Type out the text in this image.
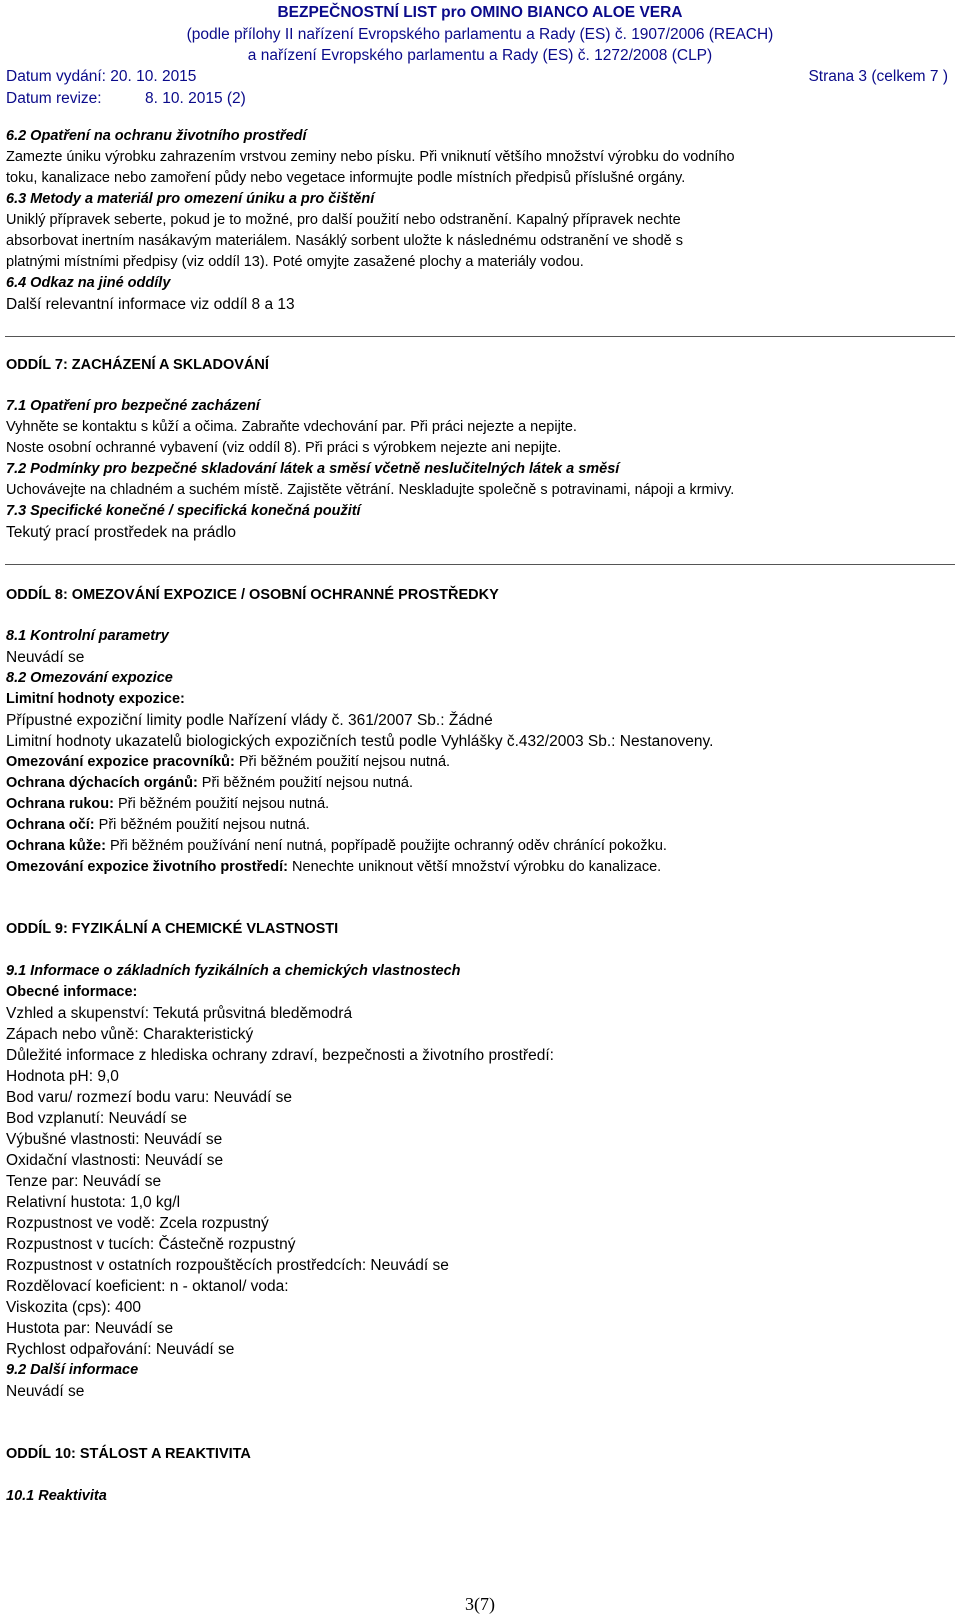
BEZPEČNOSTNÍ LIST pro OMINO BIANCO ALOE VERA
(podle přílohy II nařízení Evropského parlamentu a Rady (ES) č. 1907/2006 (REACH)
a nařízení Evropského parlamentu a Rady (ES) č. 1272/2008 (CLP)
Datum vydání: 20. 10. 2015	Strana 3 (celkem 7 )
Datum revize:	8. 10. 2015 (2)
6.2 Opatření na ochranu životního prostředí
Zamezte úniku výrobku zahrazením vrstvou zeminy nebo písku. Při vniknutí většího množství výrobku do vodního
toku, kanalizace nebo zamoření půdy nebo vegetace informujte podle místních předpisů příslušné orgány.
6.3 Metody a materiál pro omezení úniku a pro čištění
Uniklý přípravek seberte, pokud je to možné, pro další použití nebo odstranění. Kapalný přípravek nechte
absorbovat inertním nasákavým materiálem. Nasáklý sorbent uložte k následnému odstranění ve shodě s
platnými místními předpisy (viz oddíl 13). Poté omyjte zasažené plochy a materiály vodou.
6.4 Odkaz na jiné oddíly
Další relevantní informace viz oddíl 8 a 13
ODDÍL 7: ZACHÁZENÍ A SKLADOVÁNÍ
7.1 Opatření pro bezpečné zacházení
Vyhněte se kontaktu s kůží a očima. Zabraňte vdechování par. Při práci nejezte a nepijte.
Noste osobní ochranné vybavení (viz oddíl 8). Při práci s výrobkem nejezte ani nepijte.
7.2 Podmínky pro bezpečné skladování látek a směsí včetně neslučitelných látek a směsí
Uchovávejte na chladném a suchém místě. Zajistěte větrání. Neskladujte společně s potravinami, nápoji a krmivy.
7.3 Specifické konečné / specifická konečná použití
Tekutý prací prostředek na prádlo
ODDÍL 8: OMEZOVÁNÍ EXPOZICE / OSOBNÍ OCHRANNÉ PROSTŘEDKY
8.1 Kontrolní parametry
Neuvádí se
8.2 Omezování expozice
Limitní hodnoty expozice:
Přípustné expoziční limity podle Nařízení vlády č. 361/2007 Sb.: Žádné
Limitní hodnoty ukazatelů biologických expozičních testů podle Vyhlášky č.432/2003 Sb.: Nestanoveny.
Omezování expozice pracovníků: Při běžném použití nejsou nutná.
Ochrana dýchacích orgánů: Při běžném použití nejsou nutná.
Ochrana rukou: Při běžném použití nejsou nutná.
Ochrana očí: Při běžném použití nejsou nutná.
Ochrana kůže: Při běžném používání není nutná, popřípadě použijte ochranný oděv chránící pokožku.
Omezování expozice životního prostředí: Nenechte uniknout větší množství výrobku do kanalizace.
ODDÍL 9: FYZIKÁLNÍ A CHEMICKÉ VLASTNOSTI
9.1 Informace o základních fyzikálních a chemických vlastnostech
Obecné informace:
Vzhled a skupenství: Tekutá průsvitná bleděmodrá
Zápach nebo vůně: Charakteristický
Důležité informace z hlediska ochrany zdraví, bezpečnosti a životního prostředí:
Hodnota pH: 9,0
Bod varu/ rozmezí bodu varu: Neuvádí se
Bod vzplanutí: Neuvádí se
Výbušné vlastnosti: Neuvádí se
Oxidační vlastnosti: Neuvádí se
Tenze par: Neuvádí se
Relativní hustota: 1,0 kg/l
Rozpustnost ve vodě: Zcela rozpustný
Rozpustnost v tucích: Částečně rozpustný
Rozpustnost v ostatních rozpouštěcích prostředcích: Neuvádí se
Rozdělovací koeficient: n - oktanol/ voda:
Viskozita (cps): 400
Hustota par: Neuvádí se
Rychlost odpařování: Neuvádí se
9.2 Další informace
Neuvádí se
ODDÍL 10: STÁLOST A REAKTIVITA
10.1 Reaktivita
3(7)
